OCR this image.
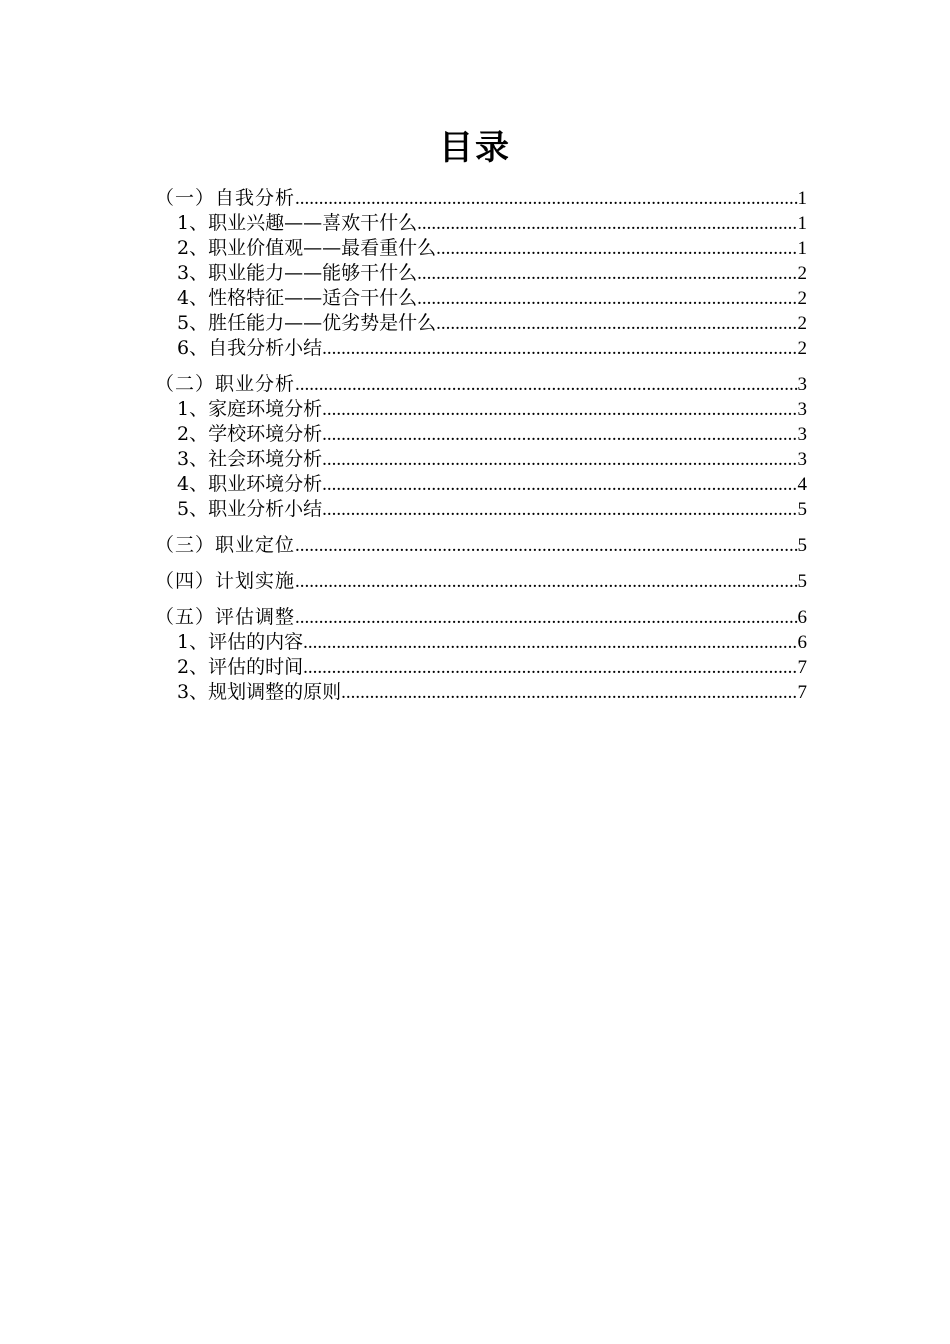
目录
（一）自我分析 .....	1
1、职业兴趣——喜欢干什么 .....	1
2、职业价值观——最看重什么 .....	1
3、职业能力——能够干什么 .....	2
4、性格特征——适合干什么 .....	2
5、胜任能力——优劣势是什么 .....	2
6、自我分析小结 .....	2
（二）职业分析 .....	3
1、家庭环境分析 .....	3
2、学校环境分析 .....	3
3、社会环境分析 .....	3
4、职业环境分析 .....	4
5、职业分析小结 .....	5
（三）职业定位 .....	5
（四）计划实施 .....	5
（五）评估调整 .....	6
1、评估的内容 .....	6
2、评估的时间 .....	7
3、规划调整的原则 .....	7
